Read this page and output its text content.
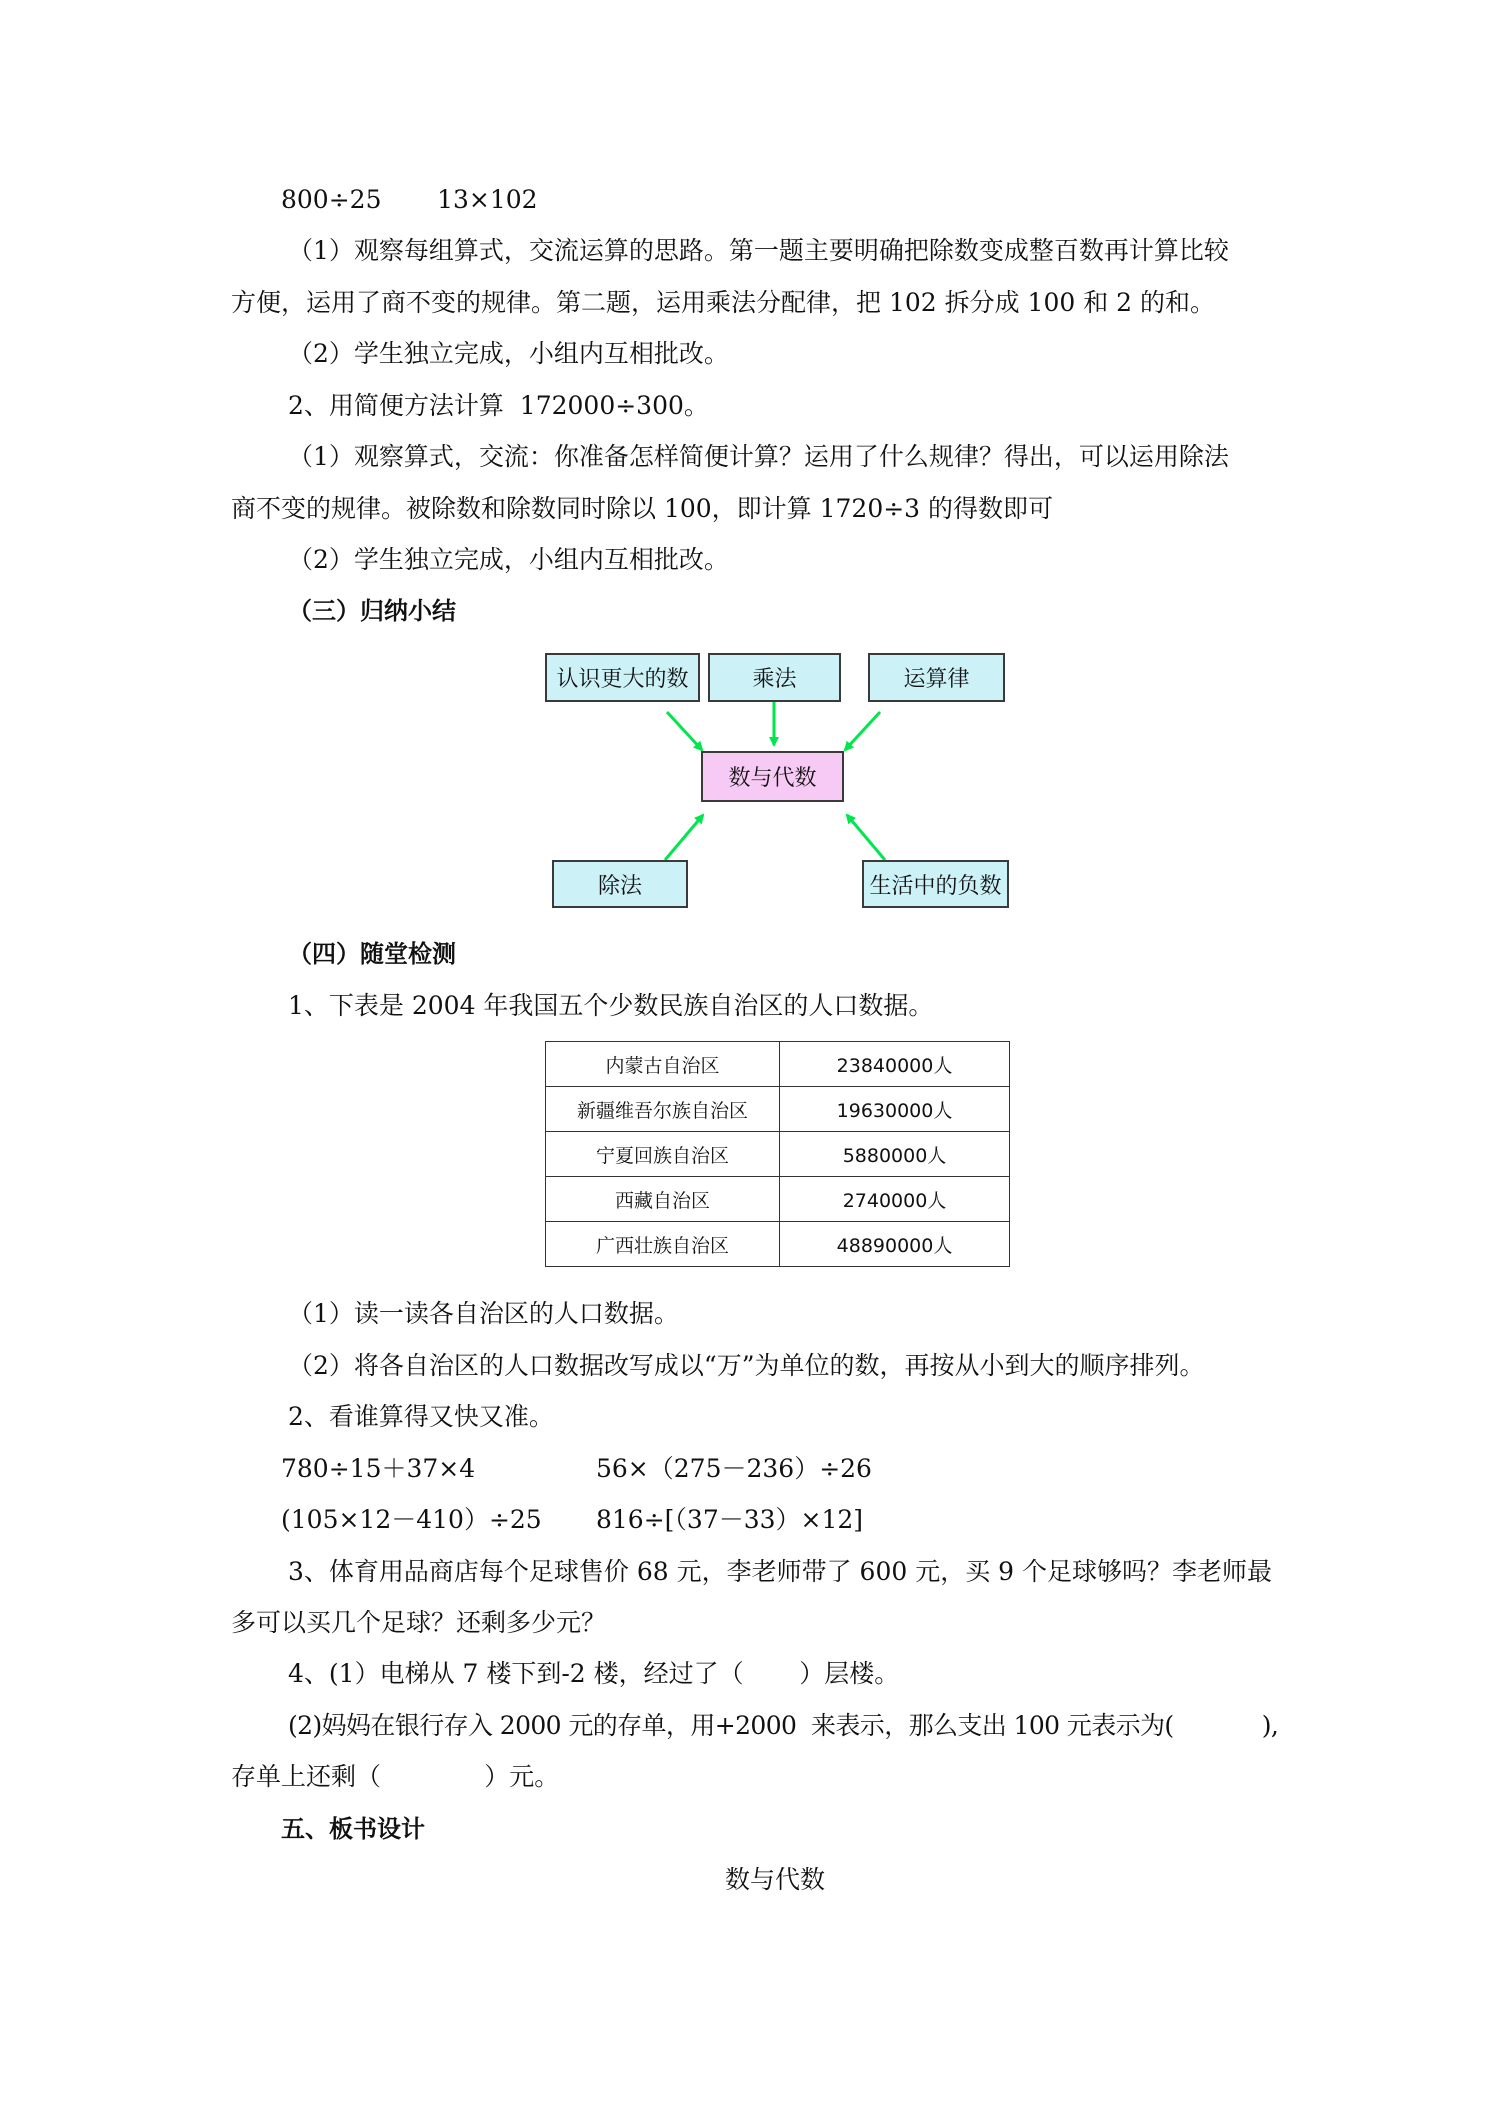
800÷25       13×102

（1）观察每组算式，交流运算的思路。第一题主要明确把除数变成整百数再计算比较

方便，运用了商不变的规律。第二题，运用乘法分配律，把 102 拆分成 100 和 2 的和。

（2）学生独立完成，小组内互相批改。

2、用简便方法计算  172000÷300。

（1）观察算式，交流：你准备怎样简便计算？运用了什么规律？得出，可以运用除法

商不变的规律。被除数和除数同时除以 100，即计算 1720÷3 的得数即可

（2）学生独立完成，小组内互相批改。

（三）归纳小结

认识更大的数	乘法	运算律
数与代数
除法	生活中的负数

（四）随堂检测

1、下表是 2004 年我国五个少数民族自治区的人口数据。

内蒙古自治区	23840000人
新疆维吾尔族自治区	19630000人
宁夏回族自治区	5880000人
西藏自治区	2740000人
广西壮族自治区	48890000人

（1）读一读各自治区的人口数据。

（2）将各自治区的人口数据改写成以“万”为单位的数，再按从小到大的顺序排列。

2、看谁算得又快又准。

780÷15＋37×4	56×（275－236）÷26

(105×12－410）÷25 816÷[（37－33）×12]

3、体育用品商店每个足球售价 68 元，李老师带了 600 元，买 9 个足球够吗？李老师最

多可以买几个足球？还剩多少元？

4、(1）电梯从 7 楼下到-2 楼，经过了（       ）层楼。

(2)妈妈在银行存入 2000 元的存单，用+2000  来表示，那么支出 100 元表示为(            ),

存单上还剩（             ）元。

五、板书设计

数与代数
